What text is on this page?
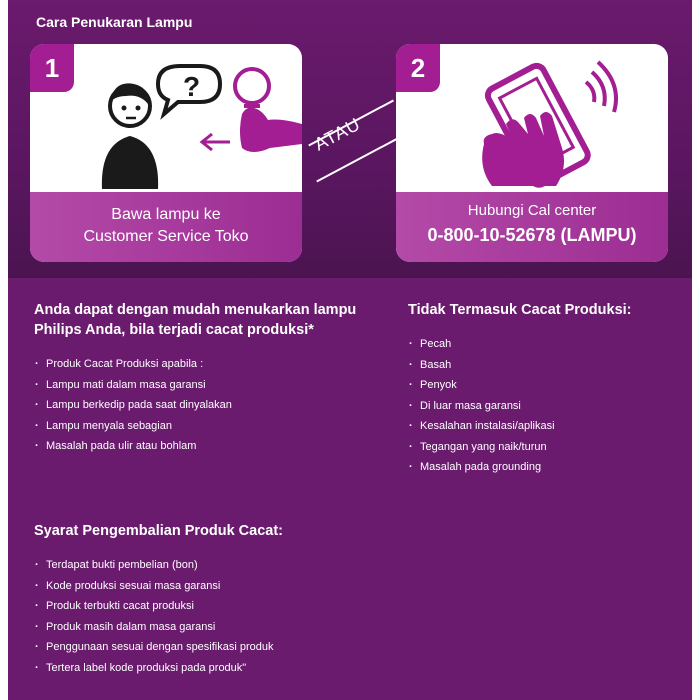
Cara Penukaran Lampu
1
?
Bawa lampu ke
Customer Service Toko
ATAU
2
Hubungi Cal center
0-800-10-52678 (LAMPU)
Anda dapat dengan mudah menukarkan lampu Philips Anda, bila terjadi cacat produksi*
· Produk Cacat Produksi apabila :
· Lampu mati dalam masa garansi
· Lampu berkedip pada saat dinyalakan
· Lampu menyala sebagian
· Masalah pada ulir atau bohlam
Tidak Termasuk Cacat Produksi:
· Pecah
· Basah
· Penyok
· Di luar masa garansi
· Kesalahan instalasi/aplikasi
· Tegangan yang naik/turun
· Masalah pada grounding
Syarat Pengembalian Produk Cacat:
· Terdapat bukti pembelian (bon)
· Kode produksi sesuai masa garansi
· Produk terbukti cacat produksi
· Produk masih dalam masa garansi
· Penggunaan sesuai dengan spesifikasi produk
· Tertera label kode produksi pada produk"
